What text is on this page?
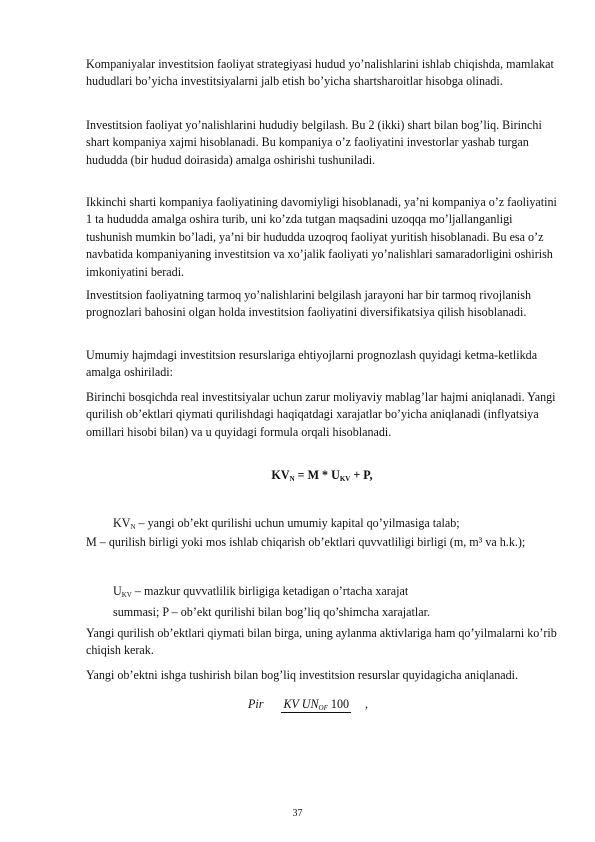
Kompaniyalar investitsion faoliyat strategiyasi hudud yo’nalishlarini ishlab chiqishda, mamlakat hududlari bo’yicha investitsiyalarni jalb etish bo’yicha shartsharoitlar hisobga olinadi.

Investitsion faoliyat yo’nalishlarini hududiy belgilash. Bu 2 (ikki) shart bilan bog’liq. Birinchi shart kompaniya xajmi hisoblanadi. Bu kompaniya o’z faoliyatini investorlar yashab turgan hududda (bir hudud doirasida) amalga oshirishi tushuniladi.

Ikkinchi sharti kompaniya faoliyatining davomiyligi hisoblanadi, ya’ni kompaniya o’z faoliyatini 1 ta hududda amalga oshira turib, uni ko’zda tutgan maqsadini uzoqqa mo’ljallanganligi tushunish mumkin bo’ladi, ya’ni bir hududda uzoqroq faoliyat yuritish hisoblanadi. Bu esa o’z navbatida kompaniyaning investitsion va xo’jalik faoliyati yo’nalishlari samaradorligini oshirish imkoniyatini beradi.

Investitsion faoliyatning tarmoq yo’nalishlarini belgilash jarayoni har bir tarmoq rivojlanish prognozlari bahosini olgan holda investitsion faoliyatini diversifikatsiya qilish hisoblanadi.

Umumiy hajmdagi investitsion resurslariga ehtiyojlarni prognozlash quyidagi ketma-ketlikda amalga oshiriladi:

Birinchi bosqichda real investitsiyalar uchun zarur moliyaviy mablag’lar hajmi aniqlanadi. Yangi qurilish ob’ektlari qiymati qurilishdagi haqiqatdagi xarajatlar bo’yicha aniqlanadi (inflyatsiya omillari hisobi bilan) va u quyidagi formula orqali hisoblanadi.

$KV_N = M * U_{KV} + P$,

$KV_N$ – yangi ob’ekt qurilishi uchun umumiy kapital qo’yilmasiga talab;

M – qurilish birligi yoki mos ishlab chiqarish ob’ektlari quvvatliligi birligi (m, m³ va h.k.);

$U_{KV}$ – mazkur quvvatlilik birligiga ketadigan o’rtacha xarajat
summasi; P – ob’ekt qurilishi bilan bog’liq qo’shimcha xarajatlar.

Yangi qurilish ob’ektlari qiymati bilan birga, uning aylanma aktivlariga ham qo’yilmalarni ko’rib chiqish kerak.

Yangi ob’ektni ishga tushirish bilan bog’liq investitsion resurslar quyidagicha aniqlanadi.

Pir KV $UN_{OF}$ 100 ,
37
